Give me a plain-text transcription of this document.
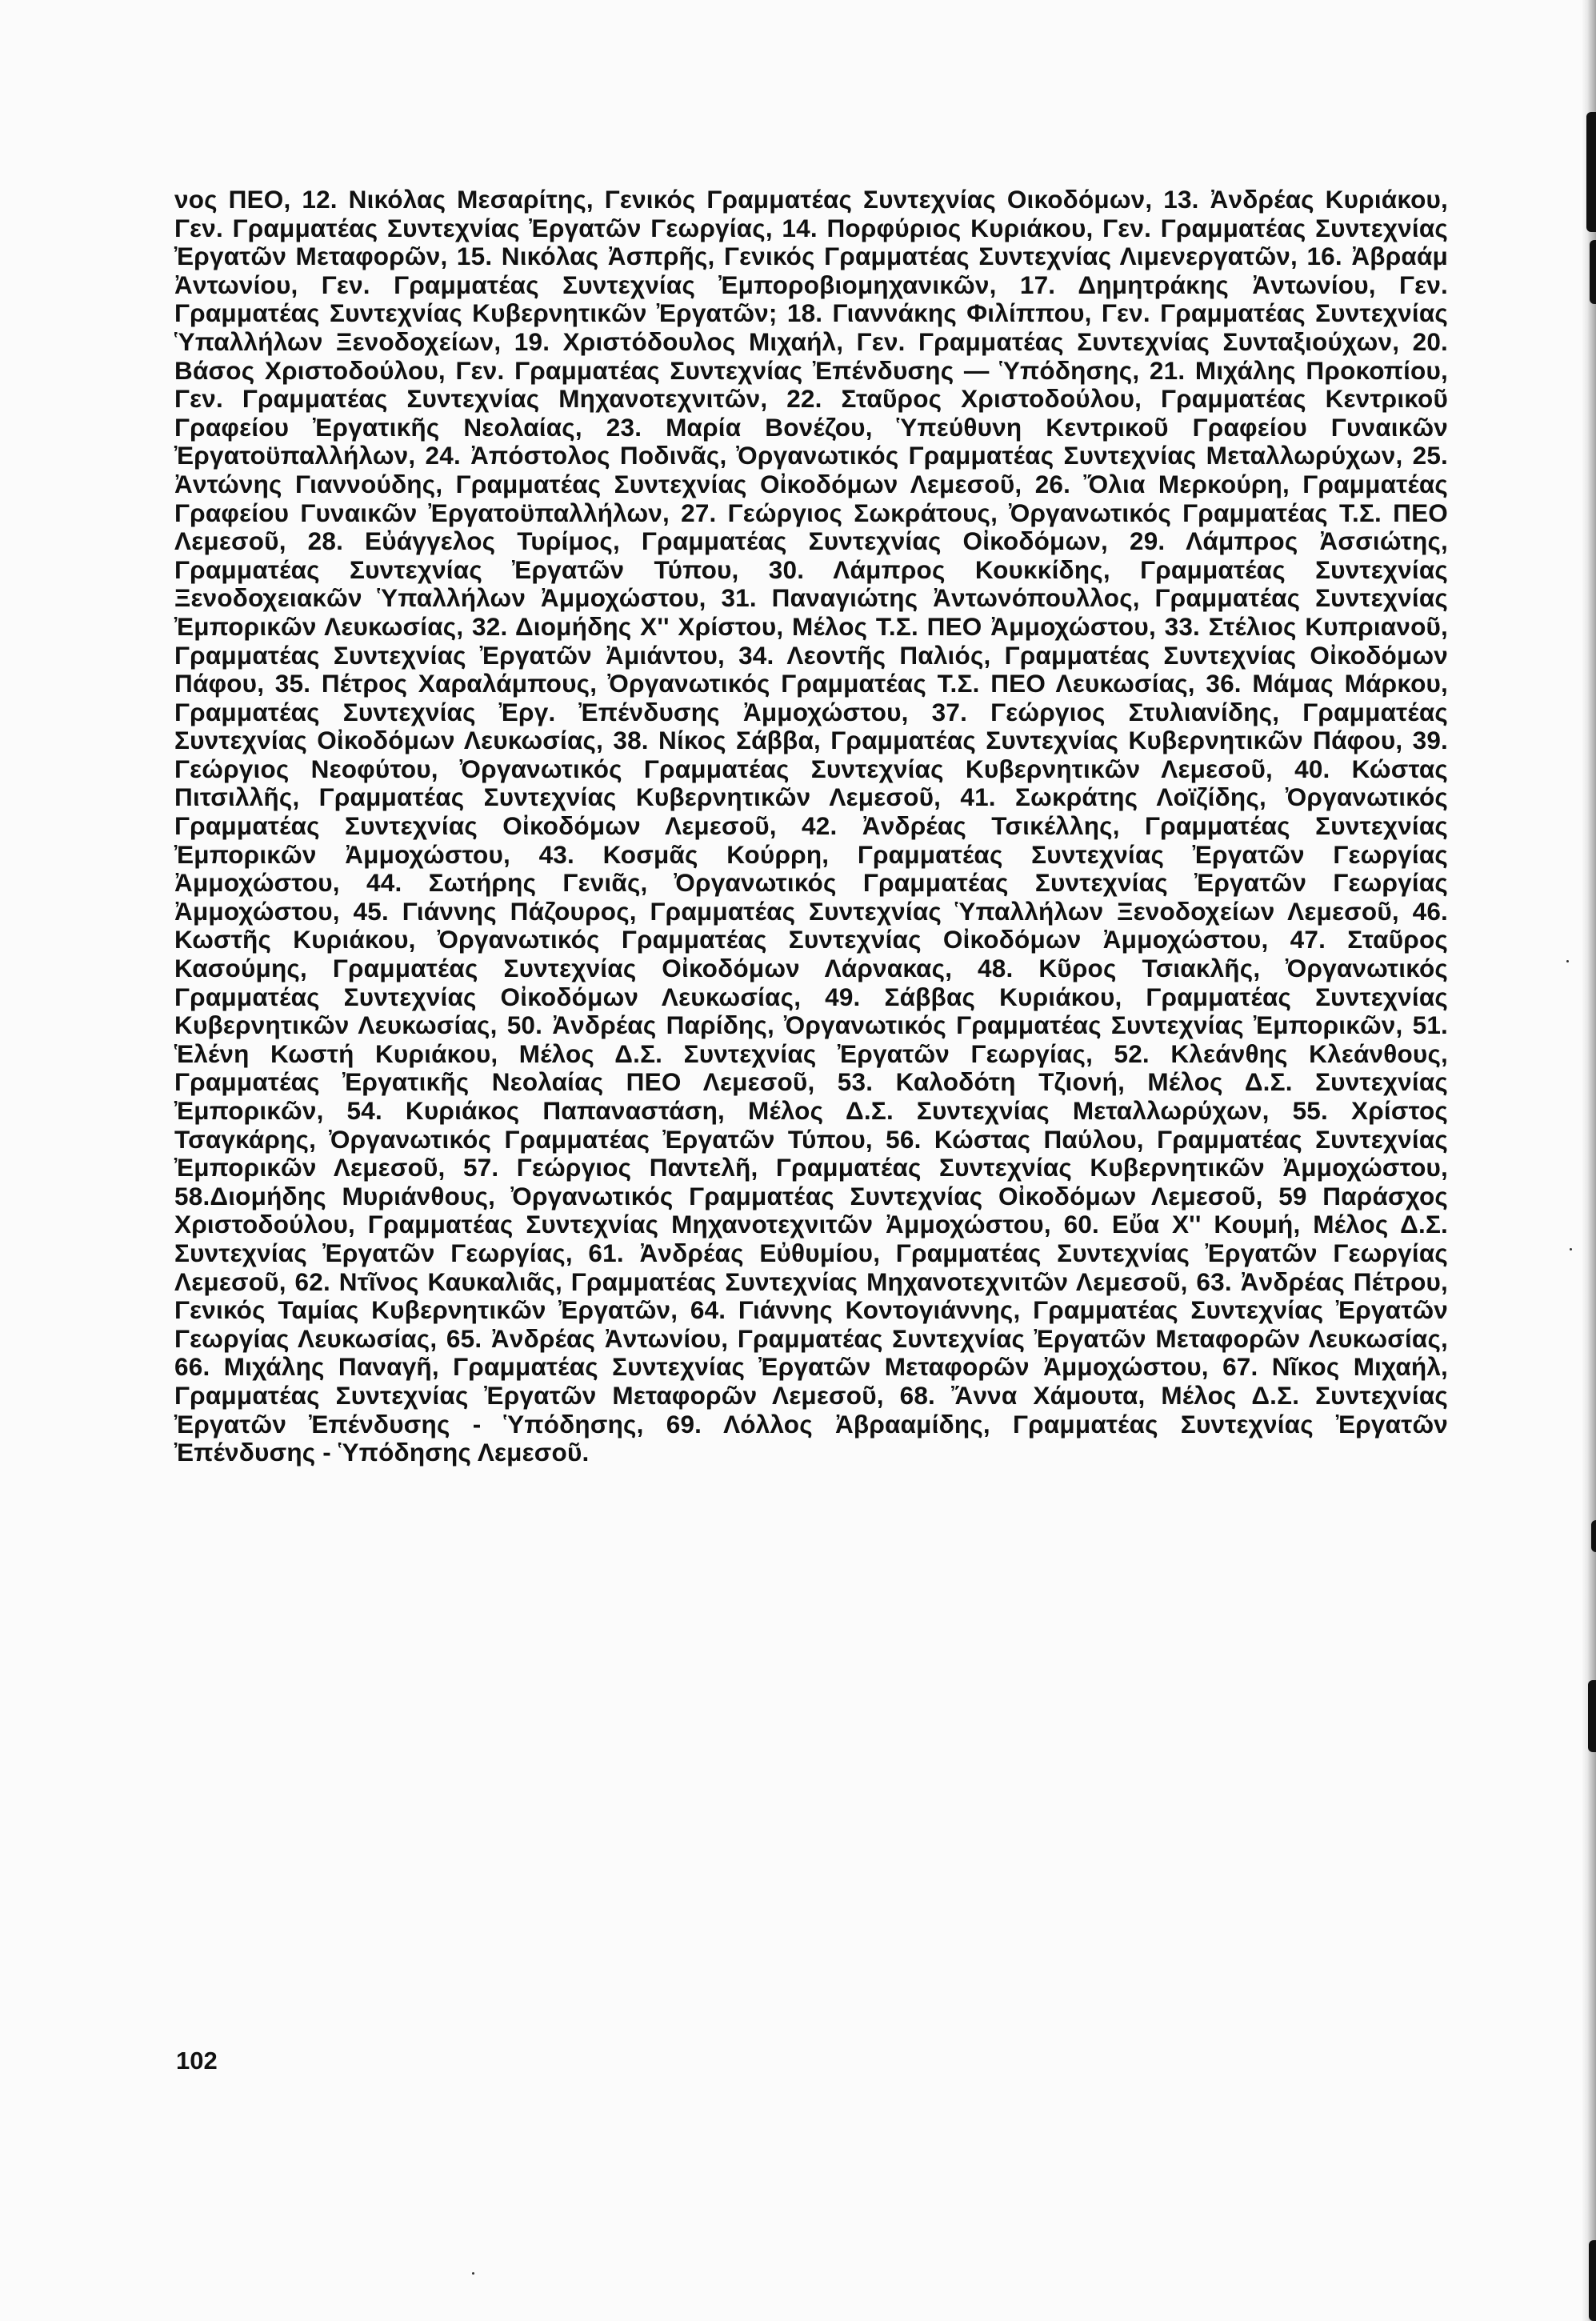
νος ΠΕΟ, 12. Νικόλας Μεσαρίτης, Γενικός Γραμματέας Συντεχνίας Οικοδόμων, 13. Ἀνδρέας Κυριάκου, Γεν. Γραμματέας Συντεχνίας Ἐργατῶν Γεωργίας, 14. Πορφύριος Κυριάκου, Γεν. Γραμματέας Συντεχνίας Ἐργατῶν Μεταφορῶν, 15. Νικόλας Ἀσπρῆς, Γενικός Γραμματέας Συντεχνίας Λιμενεργατῶν, 16. Ἀβραάμ Ἀντωνίου, Γεν. Γραμματέας Συντεχνίας Ἐμποροβιομηχανικῶν, 17. Δημητράκης Ἀντωνίου, Γεν. Γραμματέας Συντεχνίας Κυβερνητικῶν Ἐργατῶν; 18. Γιαννάκης Φιλίππου, Γεν. Γραμματέας Συντεχνίας Ὑπαλλήλων Ξενοδοχείων, 19. Χριστόδουλος Μιχαήλ, Γεν. Γραμματέας Συντεχνίας Συνταξιούχων, 20. Βάσος Χριστοδούλου, Γεν. Γραμματέας Συντεχνίας Ἐπένδυσης — Ὑπόδησης, 21. Μιχάλης Προκοπίου, Γεν. Γραμματέας Συντεχνίας Μηχανοτεχνιτῶν, 22. Σταῦρος Χριστοδούλου, Γραμματέας Κεντρικοῦ Γραφείου Ἐργατικῆς Νεολαίας, 23. Μαρία Βονέζου, Ὑπεύθυνη Κεντρικοῦ Γραφείου Γυναικῶν Ἐργατοϋπαλλήλων, 24. Ἀπόστολος Ποδινᾶς, Ὀργανωτικός Γραμματέας Συντεχνίας Μεταλλωρύχων, 25. Ἀντώνης Γιαννούδης, Γραμματέας Συντεχνίας Οἰκοδόμων Λεμεσοῦ, 26. Ὄλια Μερκούρη, Γραμματέας Γραφείου Γυναικῶν Ἐργατοϋπαλλήλων, 27. Γεώργιος Σωκράτους, Ὀργανωτικός Γραμματέας Τ.Σ. ΠΕΟ Λεμεσοῦ, 28. Εὐάγγελος Τυρίμος, Γραμματέας Συντεχνίας Οἰκοδόμων, 29. Λάμπρος Ἀσσιώτης, Γραμματέας Συντεχνίας Ἐργατῶν Τύπου, 30. Λάμπρος Κουκκίδης, Γραμματέας Συντεχνίας Ξενοδοχειακῶν Ὑπαλλήλων Ἀμμοχώστου, 31. Παναγιώτης Ἀντωνόπουλλος, Γραμματέας Συντεχνίας Ἐμπορικῶν Λευκωσίας, 32. Διομήδης Χ'' Χρίστου, Μέλος Τ.Σ. ΠΕΟ Ἀμμοχώστου, 33. Στέλιος Κυπριανοῦ, Γραμματέας Συντεχνίας Ἐργατῶν Ἀμιάντου, 34. Λεοντῆς Παλιός, Γραμματέας Συντεχνίας Οἰκοδόμων Πάφου, 35. Πέτρος Χαραλάμπους, Ὀργανωτικός Γραμματέας Τ.Σ. ΠΕΟ Λευκωσίας, 36. Μάμας Μάρκου, Γραμματέας Συντεχνίας Ἐργ. Ἐπένδυσης Ἀμμοχώστου, 37. Γεώργιος Στυλιανίδης, Γραμματέας Συντεχνίας Οἰκοδόμων Λευκωσίας, 38. Νίκος Σάββα, Γραμματέας Συντεχνίας Κυβερνητικῶν Πάφου, 39. Γεώργιος Νεοφύτου, Ὀργανωτικός Γραμματέας Συντεχνίας Κυβερνητικῶν Λεμεσοῦ, 40. Κώστας Πιτσιλλῆς, Γραμματέας Συντεχνίας Κυβερνητικῶν Λεμεσοῦ, 41. Σωκράτης Λοϊζίδης, Ὀργανωτικός Γραμματέας Συντεχνίας Οἰκοδόμων Λεμεσοῦ, 42. Ἀνδρέας Τσικέλλης, Γραμματέας Συντεχνίας Ἐμπορικῶν Ἀμμοχώστου, 43. Κοσμᾶς Κούρρη, Γραμματέας Συντεχνίας Ἐργατῶν Γεωργίας Ἀμμοχώστου, 44. Σωτήρης Γενιᾶς, Ὀργανωτικός Γραμματέας Συντεχνίας Ἐργατῶν Γεωργίας Ἀμμοχώστου, 45. Γιάννης Πάζουρος, Γραμματέας Συντεχνίας Ὑπαλλήλων Ξενοδοχείων Λεμεσοῦ, 46. Κωστῆς Κυριάκου, Ὀργανωτικός Γραμματέας Συντεχνίας Οἰκοδόμων Ἀμμοχώστου, 47. Σταῦρος Κασούμης, Γραμματέας Συντεχνίας Οἰκοδόμων Λάρνακας, 48. Κῦρος Τσιακλῆς, Ὀργανωτικός Γραμματέας Συντεχνίας Οἰκοδόμων Λευκωσίας, 49. Σάββας Κυριάκου, Γραμματέας Συντεχνίας Κυβερνητικῶν Λευκωσίας, 50. Ἀνδρέας Παρίδης, Ὀργανωτικός Γραμματέας Συντεχνίας Ἐμπορικῶν, 51. Ἑλένη Κωστή Κυριάκου, Μέλος Δ.Σ. Συντεχνίας Ἐργατῶν Γεωργίας, 52. Κλεάνθης Κλεάνθους, Γραμματέας Ἐργατικῆς Νεολαίας ΠΕΟ Λεμεσοῦ, 53. Καλοδότη Τζιονή, Μέλος Δ.Σ. Συντεχνίας Ἐμπορικῶν, 54. Κυριάκος Παπαναστάση, Μέλος Δ.Σ. Συντεχνίας Μεταλλωρύχων, 55. Χρίστος Τσαγκάρης, Ὀργανωτικός Γραμματέας Ἐργατῶν Τύπου, 56. Κώστας Παύλου, Γραμματέας Συντεχνίας Ἐμπορικῶν Λεμεσοῦ, 57. Γεώργιος Παντελῆ, Γραμματέας Συντεχνίας Κυβερνητικῶν Ἀμμοχώστου, 58.Διομήδης Μυριάνθους, Ὀργανωτικός Γραμματέας Συντεχνίας Οἰκοδόμων Λεμεσοῦ, 59 Παράσχος Χριστοδούλου, Γραμματέας Συντεχνίας Μηχανοτεχνιτῶν Ἀμμοχώστου, 60. Εὔα Χ'' Κουμή, Μέλος Δ.Σ. Συντεχνίας Ἐργατῶν Γεωργίας, 61. Ἀνδρέας Εὐθυμίου, Γραμματέας Συντεχνίας Ἐργατῶν Γεωργίας Λεμεσοῦ, 62. Ντῖνος Καυκαλιᾶς, Γραμματέας Συντεχνίας Μηχανοτεχνιτῶν Λεμεσοῦ, 63. Ἀνδρέας Πέτρου, Γενικός Ταμίας Κυβερνητικῶν Ἐργατῶν, 64. Γιάννης Κοντογιάννης, Γραμματέας Συντεχνίας Ἐργατῶν Γεωργίας Λευκωσίας, 65. Ἀνδρέας Ἀντωνίου, Γραμματέας Συντεχνίας Ἐργατῶν Μεταφορῶν Λευκωσίας, 66. Μιχάλης Παναγῆ, Γραμματέας Συντεχνίας Ἐργατῶν Μεταφορῶν Ἀμμοχώστου, 67. Νῖκος Μιχαήλ, Γραμματέας Συντεχνίας Ἐργατῶν Μεταφορῶν Λεμεσοῦ, 68. Ἄννα Χάμουτα, Μέλος Δ.Σ. Συντεχνίας Ἐργατῶν Ἐπένδυσης - Ὑπόδησης, 69. Λόλλος Ἀβρααμίδης, Γραμματέας Συντεχνίας Ἐργατῶν Ἐπένδυσης - Ὑπόδησης Λεμεσοῦ.

102
